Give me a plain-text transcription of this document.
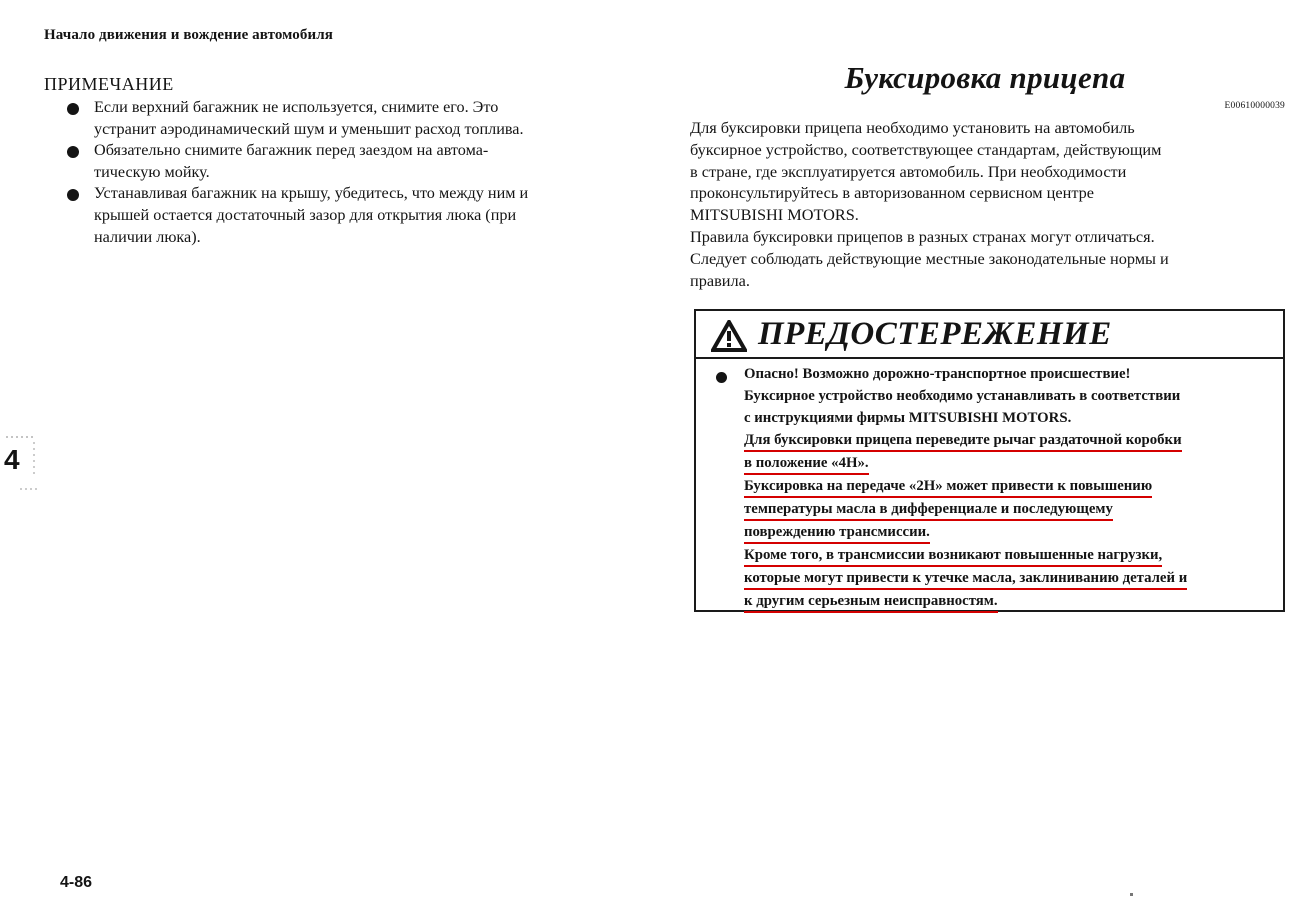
Начало движения и вождение автомобиля
ПРИМЕЧАНИЕ
Если верхний багажник не используется, снимите его. Это
устранит аэродинамический шум и уменьшит расход топлива.
Обязательно снимите багажник перед заездом на автома-
тическую мойку.
Устанавливая багажник на крышу, убедитесь, что между ним и
крышей остается достаточный зазор для открытия люка (при
наличии люка).
4
Буксировка прицепа
E00610000039

Для буксировки прицепа необходимо установить на автомобиль
буксирное устройство, соответствующее стандартам, действующим
в стране, где эксплуатируется автомобиль. При необходимости
проконсультируйтесь в авторизованном сервисном центре
MITSUBISHI MOTORS.

Правила буксировки прицепов в разных странах могут отличаться.
Следует соблюдать действующие местные законодательные нормы и
правила.

ПРЕДОСТЕРЕЖЕНИЕ
Опасно! Возможно дорожно-транспортное происшествие!
Буксирное устройство необходимо устанавливать в соответствии
с инструкциями фирмы MITSUBISHI MOTORS.
Для буксировки прицепа переведите рычаг раздаточной коробки
в положение «4Н».
Буксировка на передаче «2Н» может привести к повышению
температуры масла в дифференциале и последующему
повреждению трансмиссии.
Кроме того, в трансмиссии возникают повышенные нагрузки,
которые могут привести к утечке масла, заклиниванию деталей и
к другим серьезным неисправностям.
4-86
